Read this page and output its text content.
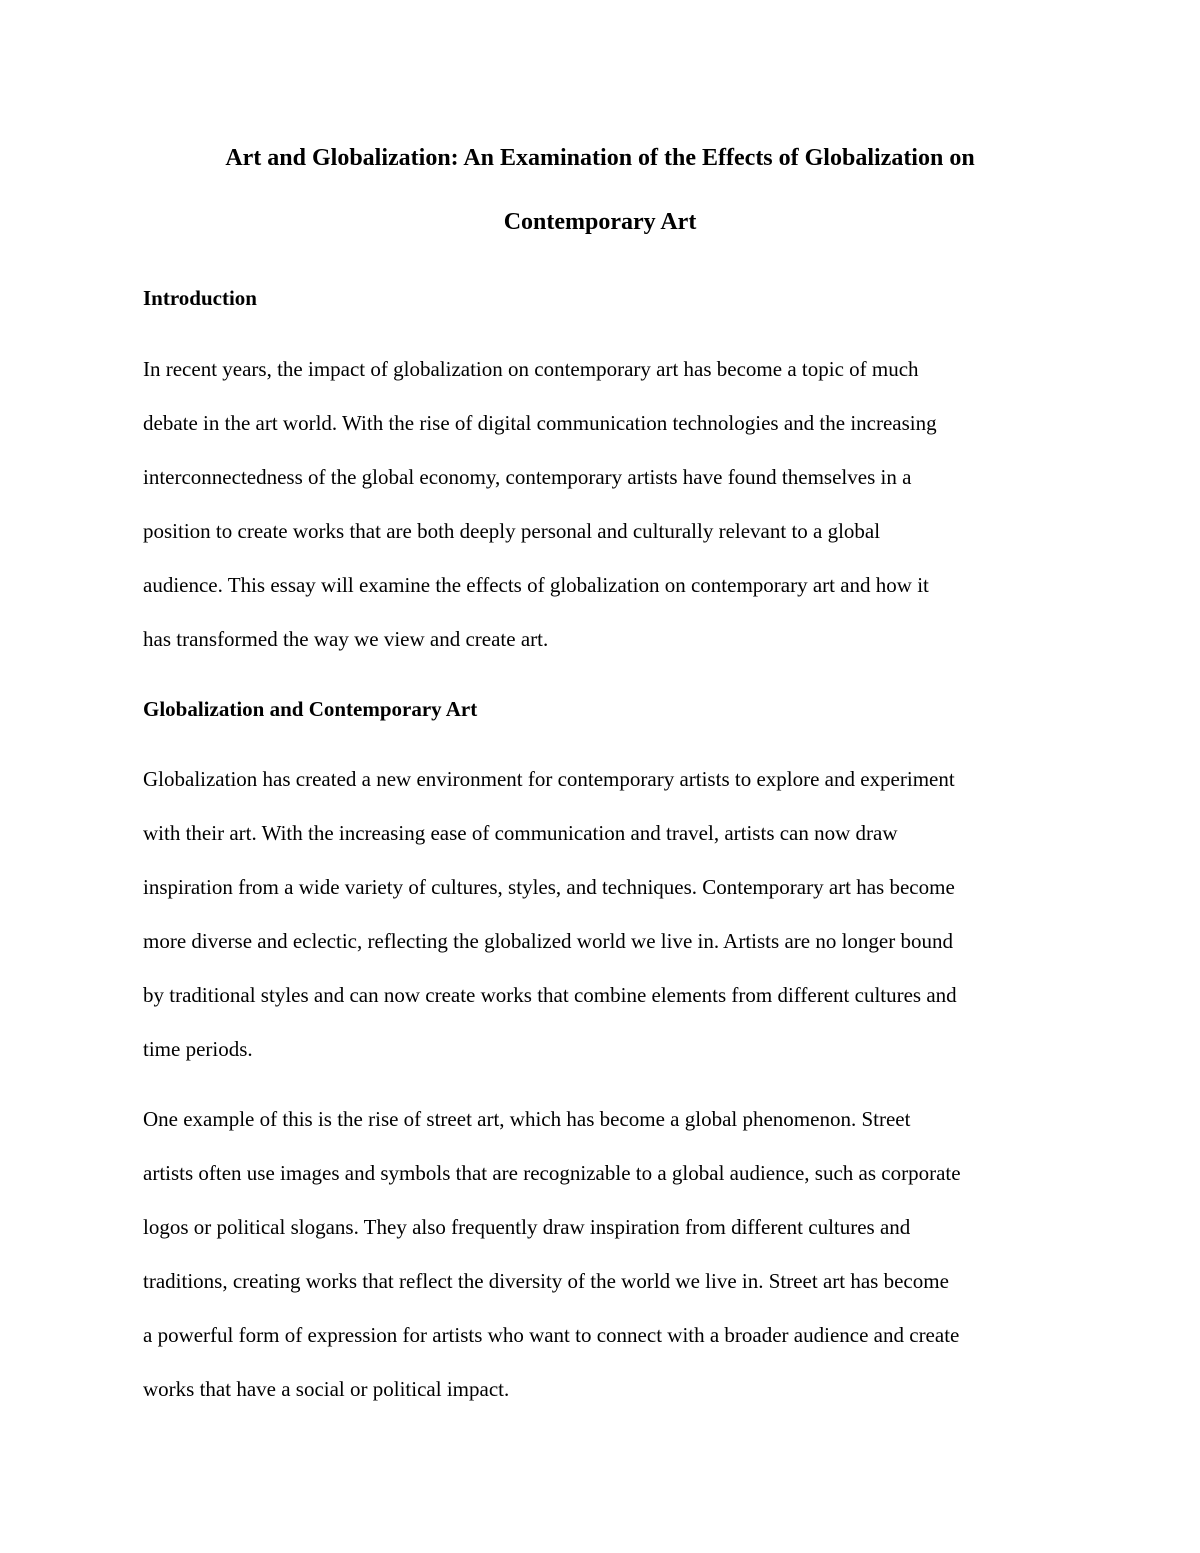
Art and Globalization: An Examination of the Effects of Globalization on
Contemporary Art
Introduction
In recent years, the impact of globalization on contemporary art has become a topic of much
debate in the art world. With the rise of digital communication technologies and the increasing
interconnectedness of the global economy, contemporary artists have found themselves in a
position to create works that are both deeply personal and culturally relevant to a global
audience. This essay will examine the effects of globalization on contemporary art and how it
has transformed the way we view and create art.
Globalization and Contemporary Art
Globalization has created a new environment for contemporary artists to explore and experiment
with their art. With the increasing ease of communication and travel, artists can now draw
inspiration from a wide variety of cultures, styles, and techniques. Contemporary art has become
more diverse and eclectic, reflecting the globalized world we live in. Artists are no longer bound
by traditional styles and can now create works that combine elements from different cultures and
time periods.
One example of this is the rise of street art, which has become a global phenomenon. Street
artists often use images and symbols that are recognizable to a global audience, such as corporate
logos or political slogans. They also frequently draw inspiration from different cultures and
traditions, creating works that reflect the diversity of the world we live in. Street art has become
a powerful form of expression for artists who want to connect with a broader audience and create
works that have a social or political impact.
